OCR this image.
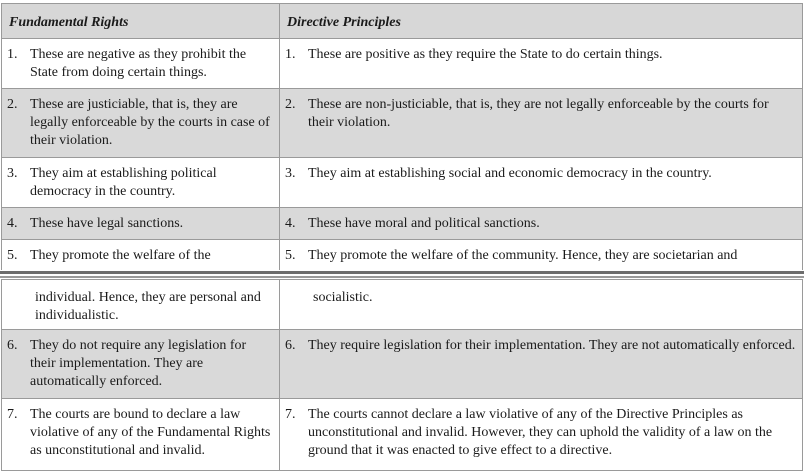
Fundamental Rights	Directive Principles

1. These are negative as they prohibit the State from doing certain things.	1. These are positive as they require the State to do certain things.

2. These are justiciable, that is, they are legally enforceable by the courts in case of their violation.	2. These are non-justiciable, that is, they are not legally enforceable by the courts for their violation.

3. They aim at establishing political democracy in the country.	3. They aim at establishing social and economic democracy in the country.

4. These have legal sanctions.	4. These have moral and political sanctions.

5. They promote the welfare of the	5. They promote the welfare of the community. Hence, they are societarian and
individual. Hence, they are personal and individualistic.	socialistic.

6. They do not require any legislation for their implementation. They are automatically enforced.	6. They require legislation for their implementation. They are not automatically enforced.

7. The courts are bound to declare a law violative of any of the Fundamental Rights as unconstitutional and invalid.	7. The courts cannot declare a law violative of any of the Directive Principles as unconstitutional and invalid. However, they can uphold the validity of a law on the ground that it was enacted to give effect to a directive.
